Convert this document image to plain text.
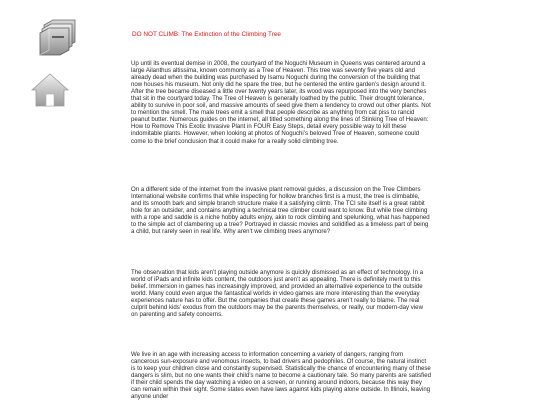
DO NOT CLIMB: The Extinction of the Climbing Tree

Up until its eventual demise in 2008, the courtyard of the Noguchi Museum in Queens was centered around a large Ailanthus altissima, known commonly as a Tree of Heaven. This tree was seventy five years old and already dead when the building was purchased by Isamu Noguchi during the conversion of the building that now houses his museum. Not only did he spare the tree, but he centered the entire garden’s design around it. After the tree became diseased a little over twenty years later, its wood was repurposed into the very benches that sit in the courtyard today. The Tree of Heaven is generally loathed by the public. Their drought tolerance, ability to survive in poor soil, and massive amounts of seed give them a tendency to crowd out other plants. Not to mention the smell. The male trees emit a smell that people describe as anything from cat piss to rancid peanut butter. Numerous guides on the internet, all titled something along the lines of Stinking Tree of Heaven: How to Remove This Exotic Invasive Plant in FOUR Easy Steps, detail every possible way to kill these indomitable plants. However, when looking at photos of Noguchi’s beloved Tree of Heaven, someone could come to the brief conclusion that it could make for a really solid climbing tree.

On a different side of the internet from the invasive plant removal guides, a discussion on the Tree Climbers International website confirms that while inspecting for hollow branches first is a must, the tree is climbable, and its smooth bark and simple branch structure make it a satisfying climb. The TCI site itself is a great rabbit hole for an outsider, and contains anything a technical tree climber could want to know. But while tree climbing with a rope and saddle is a niche hobby adults enjoy, akin to rock climbing and spelunking, what has happened to the simple act of clambering up a tree? Portrayed in classic movies and solidified as a timeless part of being a child, but rarely seen in real life. Why aren’t we climbing trees anymore?

The observation that kids aren’t playing outside anymore is quickly dismissed as an effect of technology. In a world of iPads and infinite kids content, the outdoors just aren’t as appealing. There is definitely merit to this belief. Immersion in games has increasingly improved, and provided an alternative experience to the outside world. Many could even argue the fantastical worlds in video games are more interesting than the everyday experiences nature has to offer. But the companies that create these games aren’t really to blame. The real culprit behind kids’ exodus from the outdoors may be the parents themselves, or really, our modern-day view on parenting and safety concerns.

We live in an age with increasing access to information concerning a variety of dangers, ranging from cancerous sun-exposure and venomous insects, to bad drivers and pedophiles. Of course, the natural instinct is to keep your children close and constantly supervised. Statistically the chance of encountering many of these dangers is slim, but no one wants their child’s name to become a cautionary tale. So many parents are satisfied if their child spends the day watching a video on a screen, or running around indoors, because this way they can remain within their sight. Some states even have laws against kids playing alone outside. In Illinois, leaving anyone under
